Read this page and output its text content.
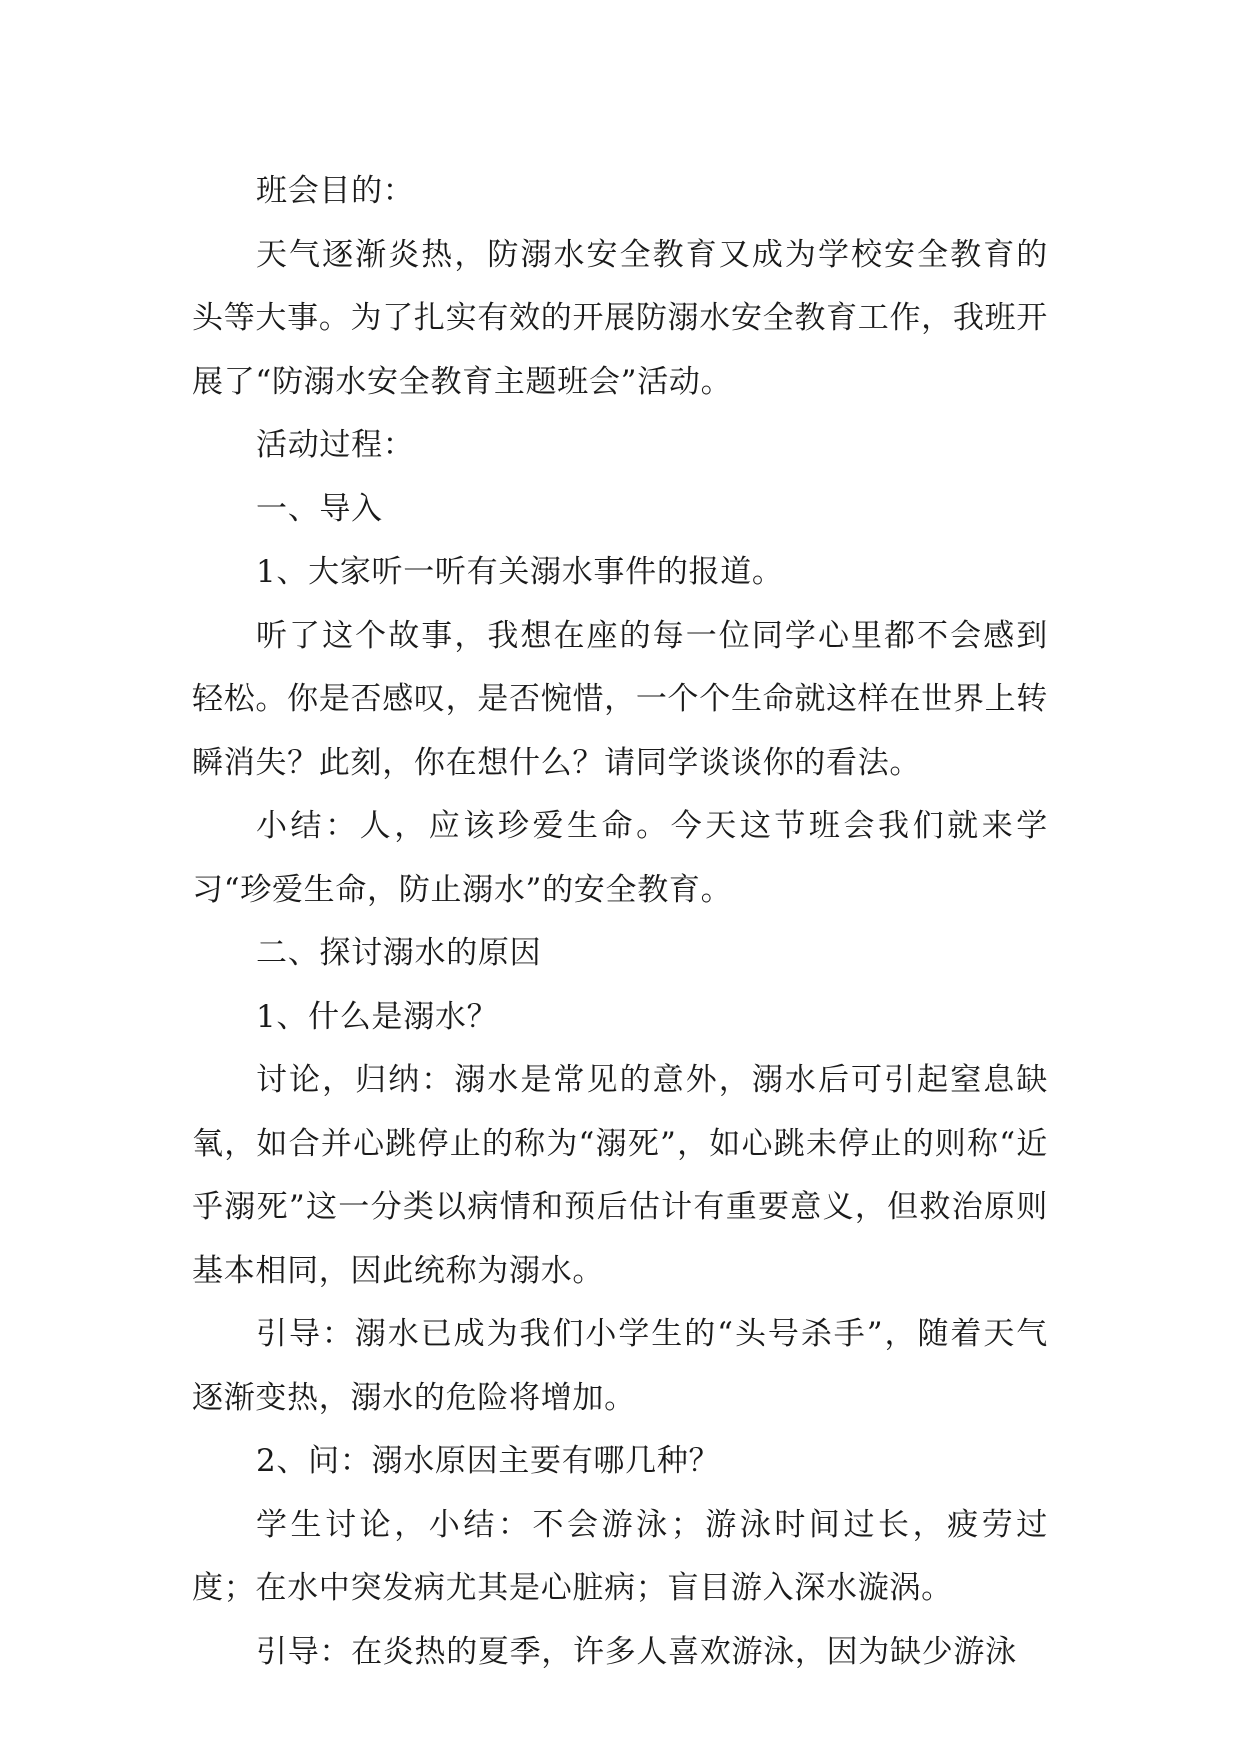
班会目的：

天气逐渐炎热，防溺水安全教育又成为学校安全教育的头等大事。为了扎实有效的开展防溺水安全教育工作，我班开展了“防溺水安全教育主题班会”活动。

活动过程：

一、导入

1、大家听一听有关溺水事件的报道。

听了这个故事，我想在座的每一位同学心里都不会感到轻松。你是否感叹，是否惋惜，一个个生命就这样在世界上转瞬消失？此刻，你在想什么？请同学谈谈你的看法。

小结：人，应该珍爱生命。今天这节班会我们就来学习“珍爱生命，防止溺水”的安全教育。

二、探讨溺水的原因

1、什么是溺水？

讨论，归纳：溺水是常见的意外，溺水后可引起窒息缺氧，如合并心跳停止的称为“溺死”，如心跳未停止的则称“近乎溺死”这一分类以病情和预后估计有重要意义，但救治原则基本相同，因此统称为溺水。

引导：溺水已成为我们小学生的“头号杀手”，随着天气逐渐变热，溺水的危险将增加。

2、问：溺水原因主要有哪几种？

学生讨论，小结：不会游泳；游泳时间过长，疲劳过度；在水中突发病尤其是心脏病；盲目游入深水漩涡。

引导：在炎热的夏季，许多人喜欢游泳，因为缺少游泳
